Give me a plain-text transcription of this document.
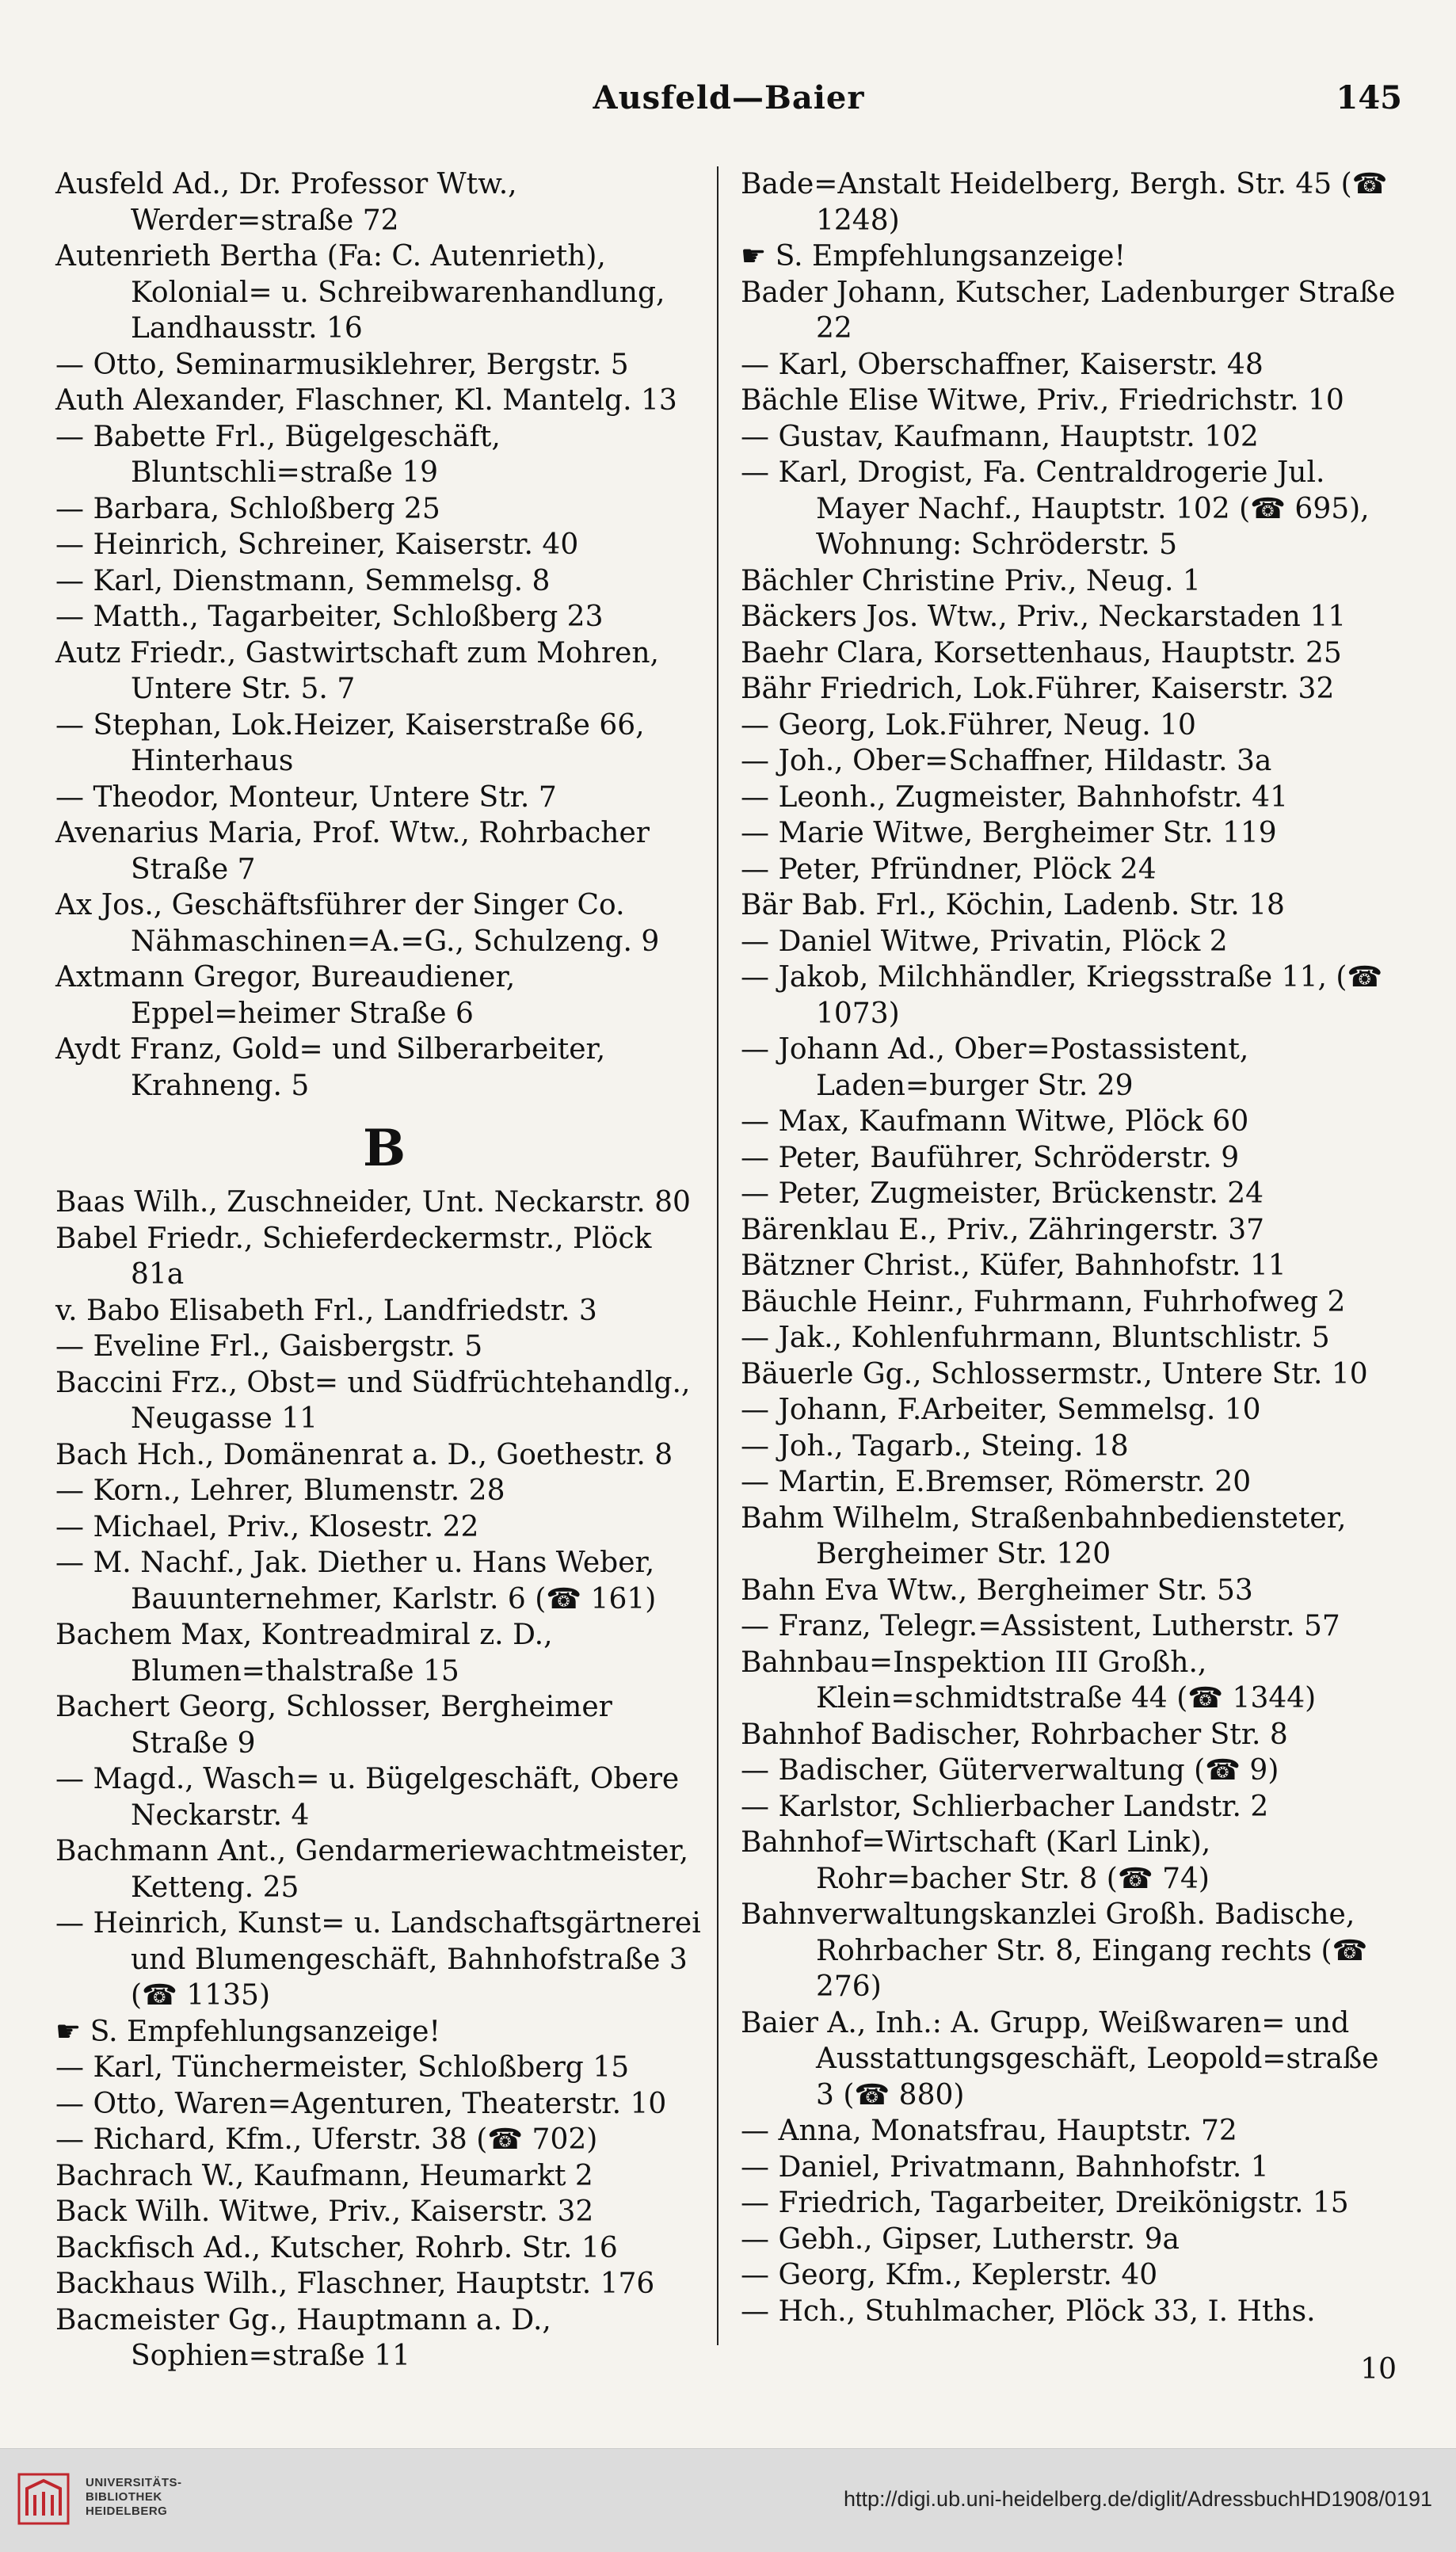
Ausfeld—Baier	145

Ausfeld Ad., Dr. Professor Wtw., Werder=straße 72

Autenrieth Bertha (Fa: C. Autenrieth), Kolonial= u. Schreibwarenhandlung, Landhausstr. 16

— Otto, Seminarmusiklehrer, Bergstr. 5

Auth Alexander, Flaschner, Kl. Mantelg. 13

— Babette Frl., Bügelgeschäft, Bluntschli=straße 19

— Barbara, Schloßberg 25

— Heinrich, Schreiner, Kaiserstr. 40

— Karl, Dienstmann, Semmelsg. 8

— Matth., Tagarbeiter, Schloßberg 23

Autz Friedr., Gastwirtschaft zum Mohren, Untere Str. 5. 7

— Stephan, Lok.Heizer, Kaiserstraße 66, Hinterhaus

— Theodor, Monteur, Untere Str. 7

Avenarius Maria, Prof. Wtw., Rohrbacher Straße 7

Ax Jos., Geschäftsführer der Singer Co. Nähmaschinen=A.=G., Schulzeng. 9

Axtmann Gregor, Bureaudiener, Eppel=heimer Straße 6

Aydt Franz, Gold= und Silberarbeiter, Krahneng. 5

B

Baas Wilh., Zuschneider, Unt. Neckarstr. 80

Babel Friedr., Schieferdeckermstr., Plöck 81a

v. Babo Elisabeth Frl., Landfriedstr. 3

— Eveline Frl., Gaisbergstr. 5

Baccini Frz., Obst= und Südfrüchtehandlg., Neugasse 11

Bach Hch., Domänenrat a. D., Goethestr. 8

— Korn., Lehrer, Blumenstr. 28

— Michael, Priv., Klosestr. 22

— M. Nachf., Jak. Diether u. Hans Weber, Bauunternehmer, Karlstr. 6 (☎ 161)

Bachem Max, Kontreadmiral z. D., Blumen=thalstraße 15

Bachert Georg, Schlosser, Bergheimer Straße 9

— Magd., Wasch= u. Bügelgeschäft, Obere Neckarstr. 4

Bachmann Ant., Gendarmeriewachtmeister, Ketteng. 25

— Heinrich, Kunst= u. Landschaftsgärtnerei und Blumengeschäft, Bahnhofstraße 3 (☎ 1135)

☛ S. Empfehlungsanzeige!

— Karl, Tünchermeister, Schloßberg 15

— Otto, Waren=Agenturen, Theaterstr. 10

— Richard, Kfm., Uferstr. 38 (☎ 702)

Bachrach W., Kaufmann, Heumarkt 2

Back Wilh. Witwe, Priv., Kaiserstr. 32

Backfisch Ad., Kutscher, Rohrb. Str. 16

Backhaus Wilh., Flaschner, Hauptstr. 176

Bacmeister Gg., Hauptmann a. D., Sophien=straße 11

Bade=Anstalt Heidelberg, Bergh. Str. 45 (☎ 1248)

☛ S. Empfehlungsanzeige!

Bader Johann, Kutscher, Ladenburger Straße 22

— Karl, Oberschaffner, Kaiserstr. 48

Bächle Elise Witwe, Priv., Friedrichstr. 10

— Gustav, Kaufmann, Hauptstr. 102

— Karl, Drogist, Fa. Centraldrogerie Jul. Mayer Nachf., Hauptstr. 102 (☎ 695), Wohnung: Schröderstr. 5

Bächler Christine Priv., Neug. 1

Bäckers Jos. Wtw., Priv., Neckarstaden 11

Baehr Clara, Korsettenhaus, Hauptstr. 25

Bähr Friedrich, Lok.Führer, Kaiserstr. 32

— Georg, Lok.Führer, Neug. 10

— Joh., Ober=Schaffner, Hildastr. 3a

— Leonh., Zugmeister, Bahnhofstr. 41

— Marie Witwe, Bergheimer Str. 119

— Peter, Pfründner, Plöck 24

Bär Bab. Frl., Köchin, Ladenb. Str. 18

— Daniel Witwe, Privatin, Plöck 2

— Jakob, Milchhändler, Kriegsstraße 11, (☎ 1073)

— Johann Ad., Ober=Postassistent, Laden=burger Str. 29

— Max, Kaufmann Witwe, Plöck 60

— Peter, Bauführer, Schröderstr. 9

— Peter, Zugmeister, Brückenstr. 24

Bärenklau E., Priv., Zähringerstr. 37

Bätzner Christ., Küfer, Bahnhofstr. 11

Bäuchle Heinr., Fuhrmann, Fuhrhofweg 2

— Jak., Kohlenfuhrmann, Bluntschlistr. 5

Bäuerle Gg., Schlossermstr., Untere Str. 10

— Johann, F.Arbeiter, Semmelsg. 10

— Joh., Tagarb., Steing. 18

— Martin, E.Bremser, Römerstr. 20

Bahm Wilhelm, Straßenbahnbediensteter, Bergheimer Str. 120

Bahn Eva Wtw., Bergheimer Str. 53

— Franz, Telegr.=Assistent, Lutherstr. 57

Bahnbau=Inspektion III Großh., Klein=schmidtstraße 44 (☎ 1344)

Bahnhof Badischer, Rohrbacher Str. 8

— Badischer, Güterverwaltung (☎ 9)

— Karlstor, Schlierbacher Landstr. 2

Bahnhof=Wirtschaft (Karl Link), Rohr=bacher Str. 8 (☎ 74)

Bahnverwaltungskanzlei Großh. Badische, Rohrbacher Str. 8, Eingang rechts (☎ 276)

Baier A., Inh.: A. Grupp, Weißwaren= und Ausstattungsgeschäft, Leopold=straße 3 (☎ 880)

— Anna, Monatsfrau, Hauptstr. 72

— Daniel, Privatmann, Bahnhofstr. 1

— Friedrich, Tagarbeiter, Dreikönigstr. 15

— Gebh., Gipser, Lutherstr. 9a

— Georg, Kfm., Keplerstr. 40

— Hch., Stuhlmacher, Plöck 33, I. Hths.

10
UNIVERSITÄTS-
BIBLIOTHEK
HEIDELBERG
http://digi.ub.uni-heidelberg.de/diglit/AdressbuchHD1908/0191
